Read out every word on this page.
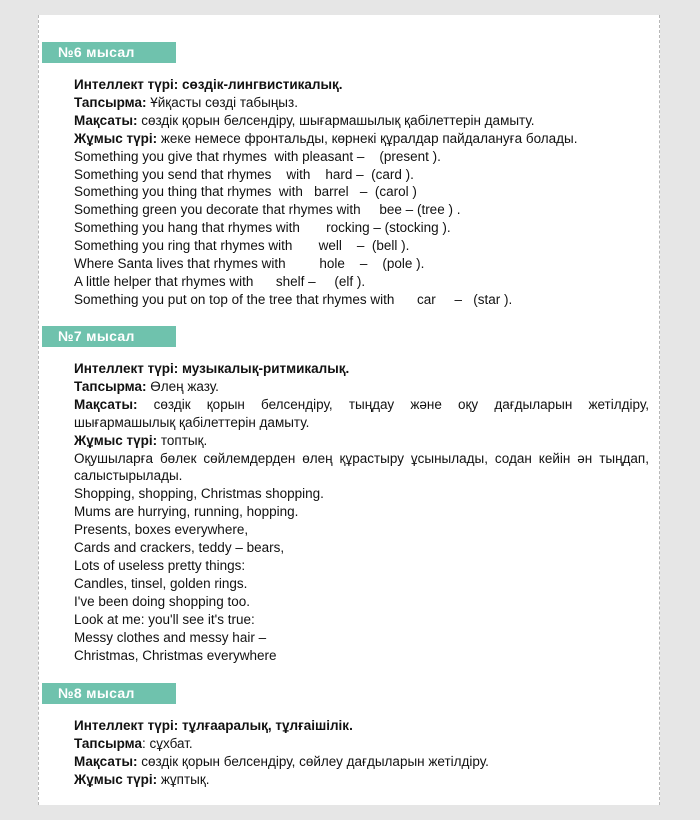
№6 мысал
Интеллект түрі: сөздік-лингвистикалық.
Тапсырма: Ұйқасты сөзді табыңыз.
Мақсаты: сөздік қорын белсендіру, шығармашылық қабілеттерін дамыту.
Жұмыс түрі: жеке немесе фронтальды, көрнекі құралдар пайдалануға болады.
Something you give that rhymes  with pleasant –    (present ).
Something you send that rhymes    with    hard –  (card ).
Something you thing that rhymes  with   barrel   –  (carol )
Something green you decorate that rhymes with     bee – (tree ) .
Something you hang that rhymes with       rocking – (stocking ).
Something you ring that rhymes with       well    –  (bell ).
Where Santa lives that rhymes with         hole    –    (pole ).
A little helper that rhymes with      shelf –     (elf ).
Something you put on top of the tree that rhymes with      car     –   (star ).
№7 мысал
Интеллект түрі: музыкалық-ритмикалық.
Тапсырма: Өлең жазу.
Мақсаты: сөздік қорын белсендіру, тыңдау және оқу дағдыларын жетілдіру, шығармашылық қабілеттерін дамыту.
Жұмыс түрі: топтық.
Оқушыларға бөлек сөйлемдерден өлең құрастыру ұсынылады, содан кейін ән тыңдап, салыстырылады.
Shopping, shopping, Christmas shopping.
Mums are hurrying, running, hopping.
Presents, boxes everywhere,
Cards and crackers, teddy – bears,
Lots of useless pretty things:
Candles, tinsel, golden rings.
I've been doing shopping too.
Look at me: you'll see it's true:
Messy clothes and messy hair –
Christmas, Christmas everywhere
№8 мысал
Интеллект түрі: тұлғааралық, тұлғаішілік.
Тапсырма: сұхбат.
Мақсаты: сөздік қорын белсендіру, сөйлеу дағдыларын жетілдіру.
Жұмыс түрі: жұптық.
